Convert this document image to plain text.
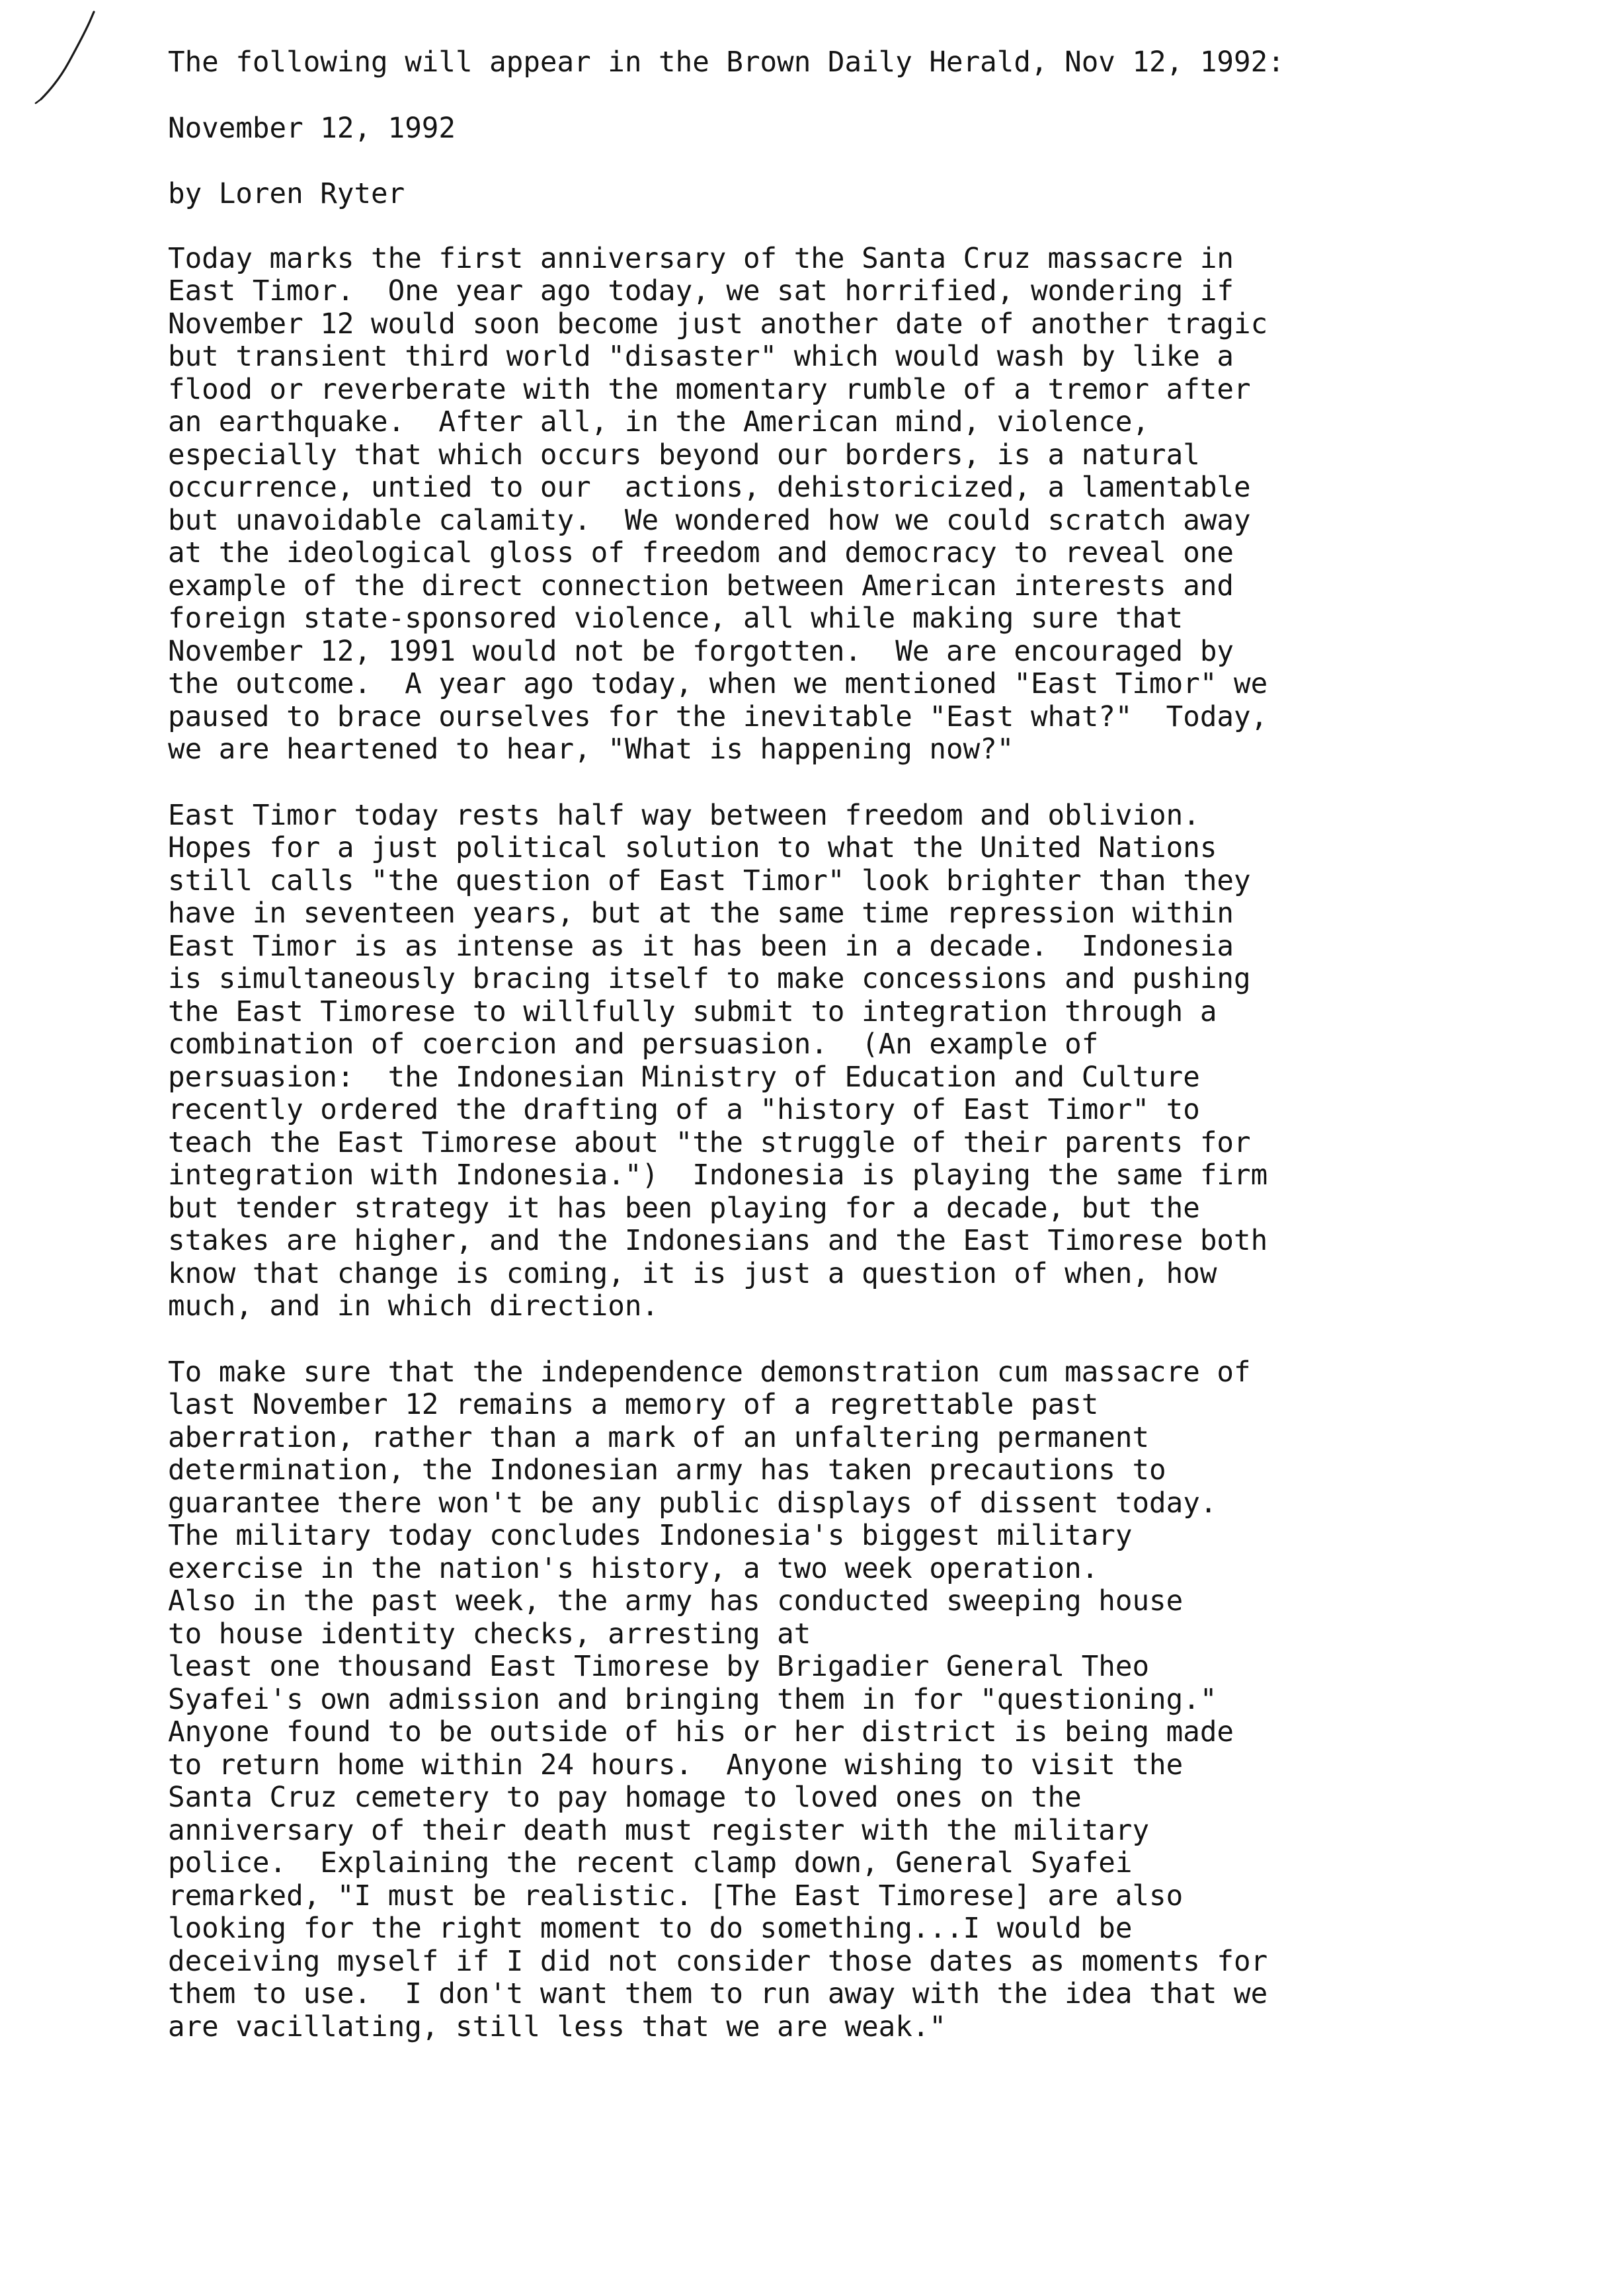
The following will appear in the Brown Daily Herald, Nov 12, 1992:
November 12, 1992
by Loren Ryter
Today marks the first anniversary of the Santa Cruz massacre in
East Timor.  One year ago today, we sat horrified, wondering if
November 12 would soon become just another date of another tragic
but transient third world "disaster" which would wash by like a
flood or reverberate with the momentary rumble of a tremor after
an earthquake.  After all, in the American mind, violence,
especially that which occurs beyond our borders, is a natural
occurrence, untied to our  actions, dehistoricized, a lamentable
but unavoidable calamity.  We wondered how we could scratch away
at the ideological gloss of freedom and democracy to reveal one
example of the direct connection between American interests and
foreign state-sponsored violence, all while making sure that
November 12, 1991 would not be forgotten.  We are encouraged by
the outcome.  A year ago today, when we mentioned "East Timor" we
paused to brace ourselves for the inevitable "East what?"  Today,
we are heartened to hear, "What is happening now?"
East Timor today rests half way between freedom and oblivion.
Hopes for a just political solution to what the United Nations
still calls "the question of East Timor" look brighter than they
have in seventeen years, but at the same time repression within
East Timor is as intense as it has been in a decade.  Indonesia
is simultaneously bracing itself to make concessions and pushing
the East Timorese to willfully submit to integration through a
combination of coercion and persuasion.  (An example of
persuasion:  the Indonesian Ministry of Education and Culture
recently ordered the drafting of a "history of East Timor" to
teach the East Timorese about "the struggle of their parents for
integration with Indonesia.")  Indonesia is playing the same firm
but tender strategy it has been playing for a decade, but the
stakes are higher, and the Indonesians and the East Timorese both
know that change is coming, it is just a question of when, how
much, and in which direction.
To make sure that the independence demonstration cum massacre of
last November 12 remains a memory of a regrettable past
aberration, rather than a mark of an unfaltering permanent
determination, the Indonesian army has taken precautions to
guarantee there won't be any public displays of dissent today.
The military today concludes Indonesia's biggest military
exercise in the nation's history, a two week operation.
Also in the past week, the army has conducted sweeping house
to house identity checks, arresting at
least one thousand East Timorese by Brigadier General Theo
Syafei's own admission and bringing them in for "questioning."
Anyone found to be outside of his or her district is being made
to return home within 24 hours.  Anyone wishing to visit the
Santa Cruz cemetery to pay homage to loved ones on the
anniversary of their death must register with the military
police.  Explaining the recent clamp down, General Syafei
remarked, "I must be realistic. [The East Timorese] are also
looking for the right moment to do something...I would be
deceiving myself if I did not consider those dates as moments for
them to use.  I don't want them to run away with the idea that we
are vacillating, still less that we are weak."
